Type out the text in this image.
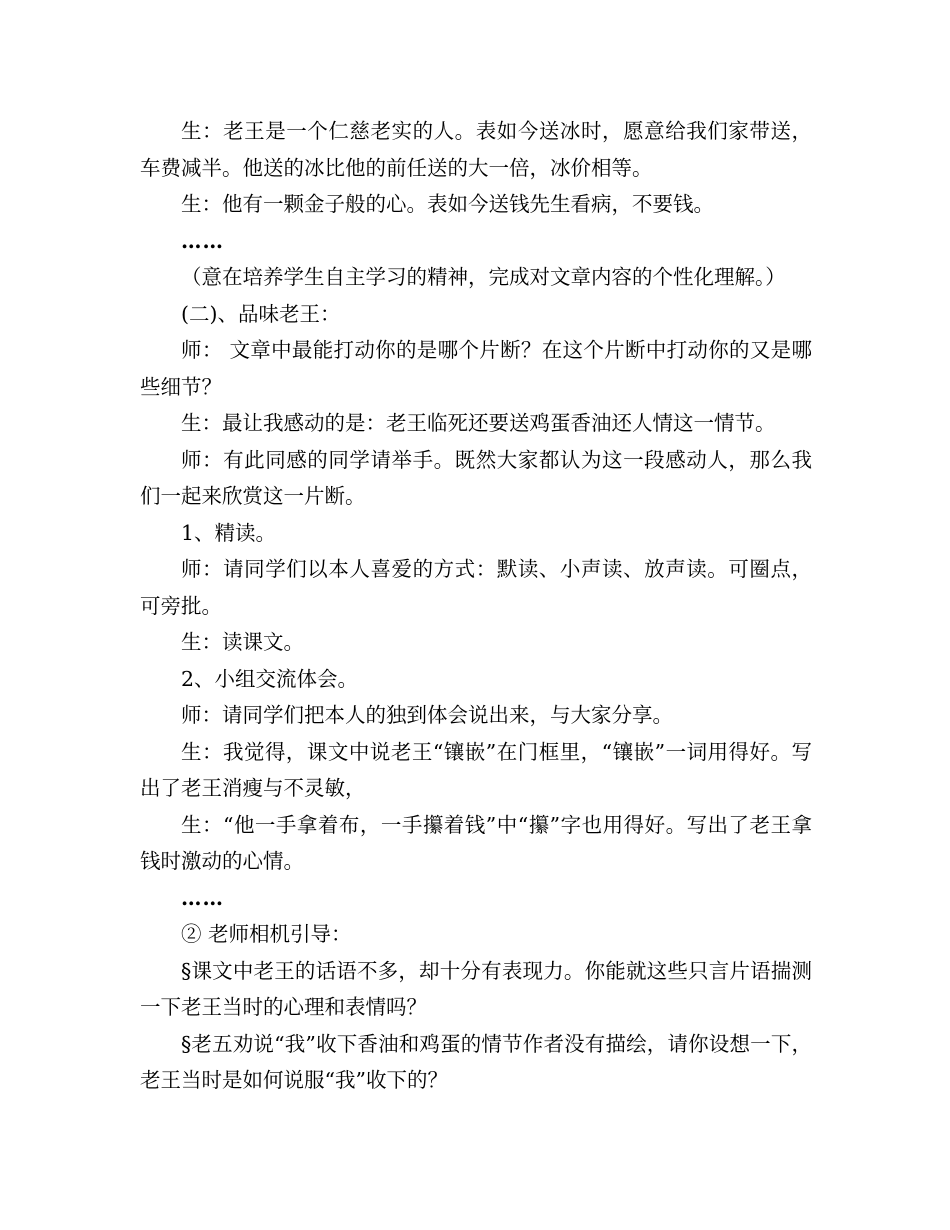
生：老王是一个仁慈老实的人。表如今送冰时，愿意给我们家带送，车费减半。他送的冰比他的前任送的大一倍，冰价相等。

生：他有一颗金子般的心。表如今送钱先生看病，不要钱。

……

（意在培养学生自主学习的精神，完成对文章内容的个性化理解。）

(二)、品味老王：

师： 文章中最能打动你的是哪个片断？在这个片断中打动你的又是哪些细节？

生：最让我感动的是：老王临死还要送鸡蛋香油还人情这一情节。

师：有此同感的同学请举手。既然大家都认为这一段感动人，那么我们一起来欣赏这一片断。

1、精读。

师：请同学们以本人喜爱的方式：默读、小声读、放声读。可圈点，可旁批。

生：读课文。

2、小组交流体会。

师：请同学们把本人的独到体会说出来，与大家分享。

生：我觉得，课文中说老王“镶嵌”在门框里，“镶嵌”一词用得好。写出了老王消瘦与不灵敏，

生：“他一手拿着布，一手攥着钱”中“攥”字也用得好。写出了老王拿钱时激动的心情。

……

② 老师相机引导：

§课文中老王的话语不多，却十分有表现力。你能就这些只言片语揣测一下老王当时的心理和表情吗？

§老五劝说“我”收下香油和鸡蛋的情节作者没有描绘，请你设想一下，老王当时是如何说服“我”收下的？
